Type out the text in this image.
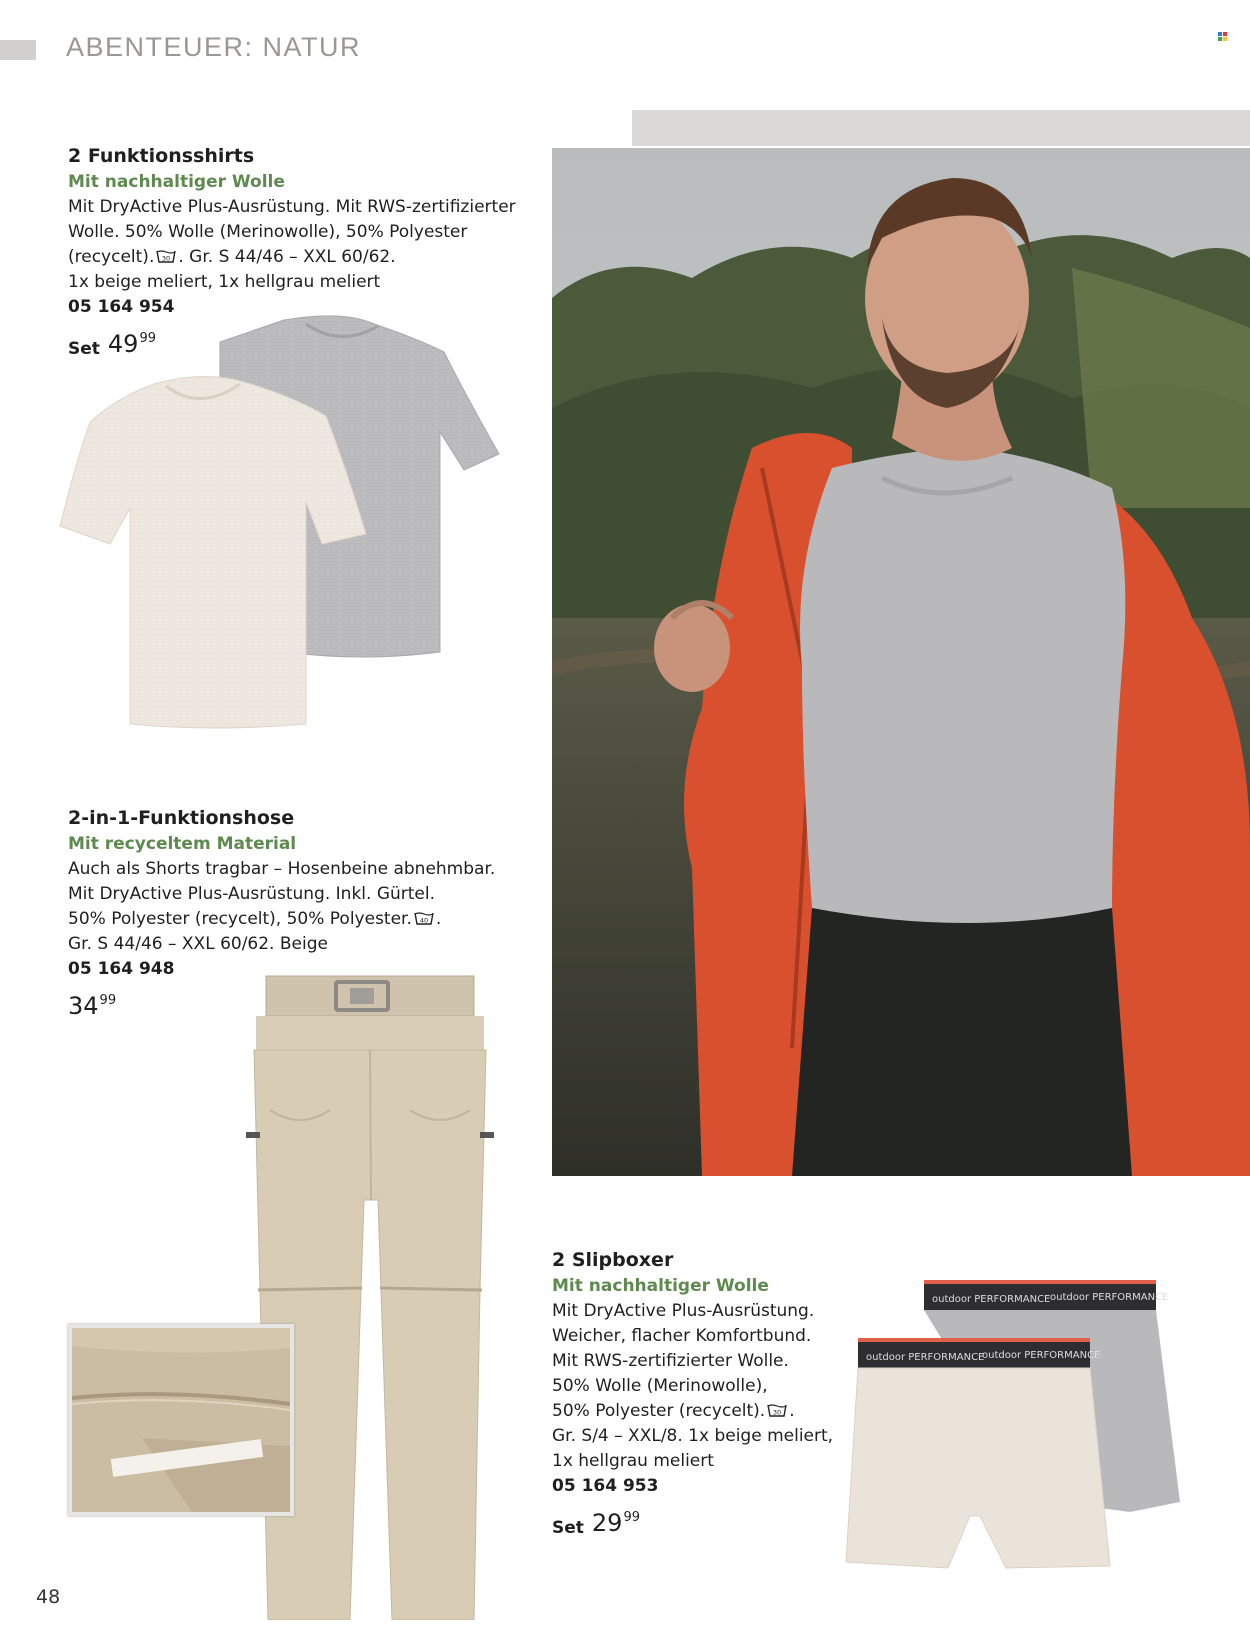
ABENTEUER: NATUR
2 Funktionsshirts
Mit nachhaltiger Wolle
Mit DryActive Plus-Ausrüstung. Mit RWS-zertifizierter
Wolle. 50% Wolle (Merinowolle), 50% Polyester
(recycelt). 30 . Gr. S 44/46 – XXL 60/62.
1x beige meliert, 1x hellgrau meliert
05 164 954
Set $49^{99}$
2-in-1-Funktionshose
Mit recyceltem Material
Auch als Shorts tragbar – Hosenbeine abnehmbar.
Mit DryActive Plus-Ausrüstung. Inkl. Gürtel.
50% Polyester (recycelt), 50% Polyester. 40 .
Gr. S 44/46 – XXL 60/62. Beige
05 164 948
$34^{99}$
2 Slipboxer
Mit nachhaltiger Wolle
Mit DryActive Plus-Ausrüstung.
Weicher, flacher Komfortbund.
Mit RWS-zertifizierter Wolle.
50% Wolle (Merinowolle),
50% Polyester (recycelt). 30 .
Gr. S/4 – XXL/8. 1x beige meliert,
1x hellgrau meliert
05 164 953
Set $29^{99}$
outdoor PERFORMANCE outdoor PERFORMANCE
outdoor PERFORMANCE
outdoor PERFORMANCE
48
